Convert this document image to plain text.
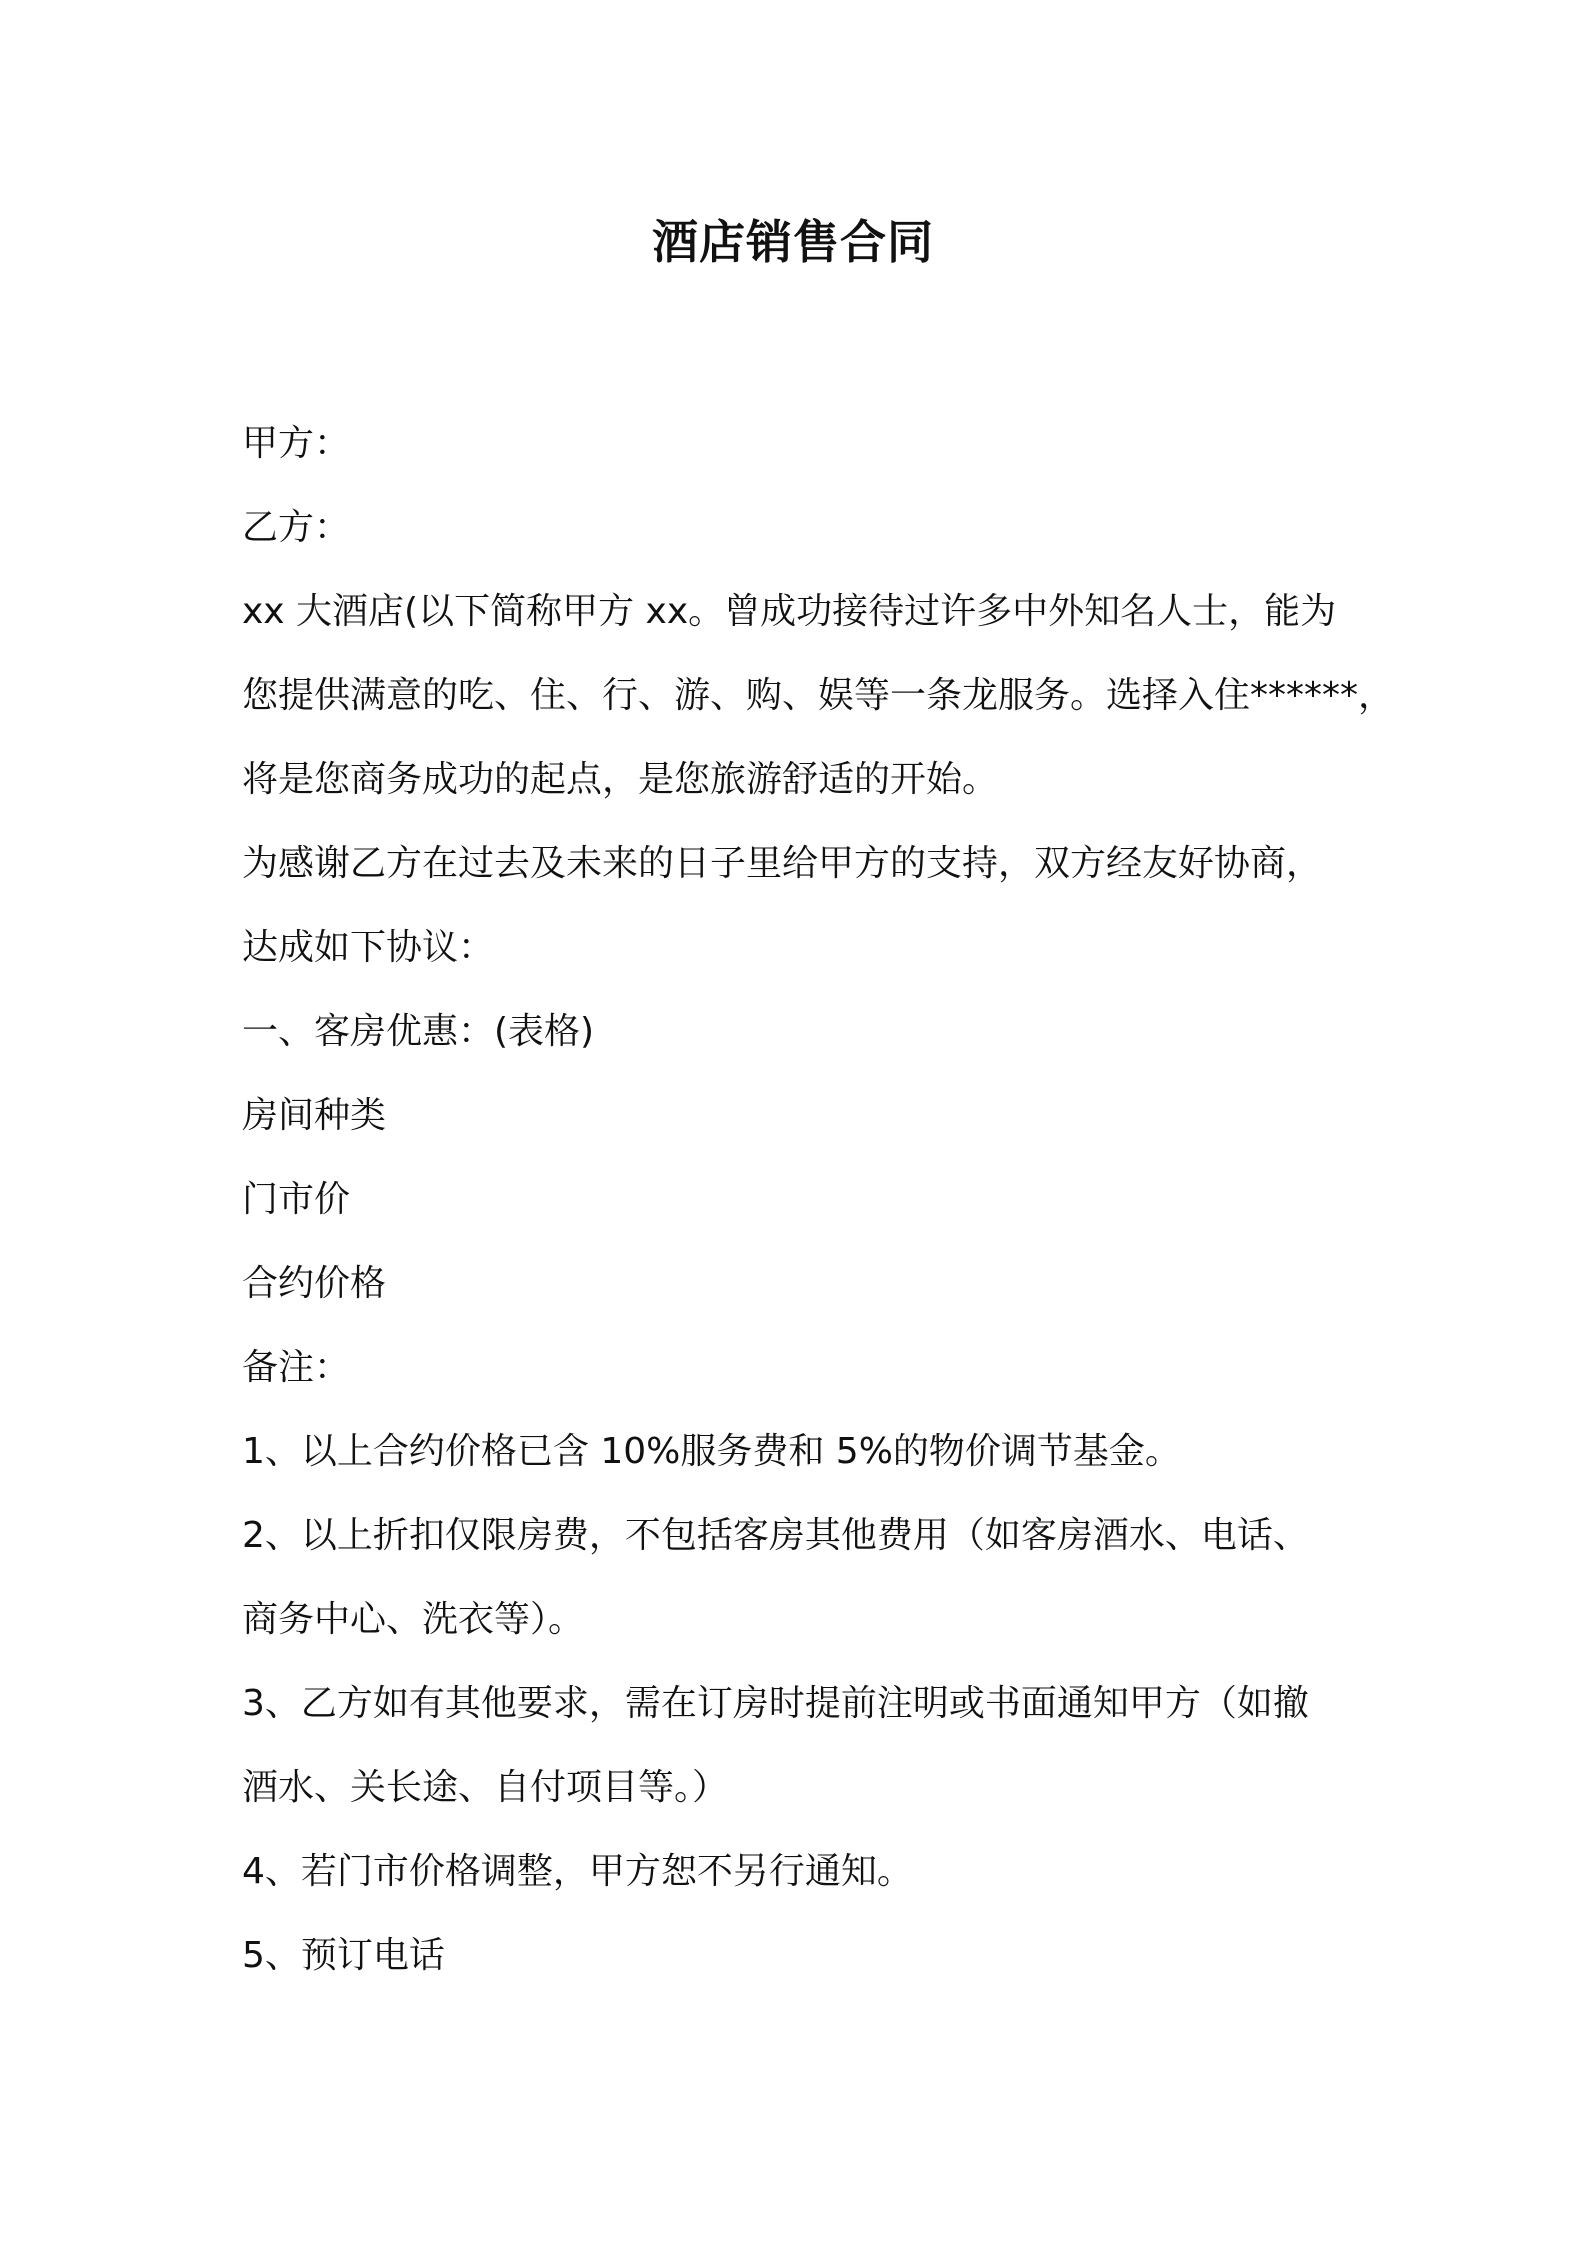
酒店销售合同

甲方：

乙方：

xx 大酒店(以下简称甲方 xx。曾成功接待过许多中外知名人士，能为

您提供满意的吃、住、行、游、购、娱等一条龙服务。选择入住******，

将是您商务成功的起点，是您旅游舒适的开始。

为感谢乙方在过去及未来的日子里给甲方的支持，双方经友好协商，

达成如下协议：

一、客房优惠：(表格)

房间种类

门市价

合约价格

备注：

1、以上合约价格已含 10%服务费和 5%的物价调节基金。

2、以上折扣仅限房费，不包括客房其他费用（如客房酒水、电话、

商务中心、洗衣等）。

3、乙方如有其他要求，需在订房时提前注明或书面通知甲方（如撤

酒水、关长途、自付项目等。）

4、若门市价格调整，甲方恕不另行通知。

5、预订电话
